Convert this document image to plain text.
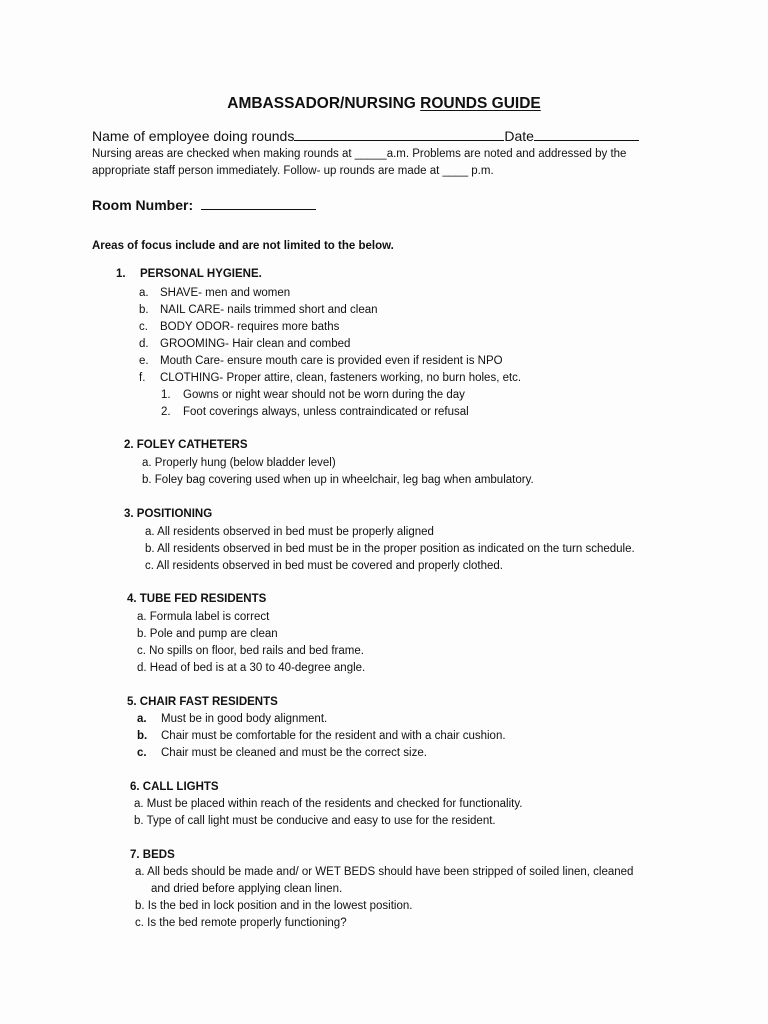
AMBASSADOR/NURSING ROUNDS GUIDE
Name of employee doing rounds	Date
Nursing areas are checked when making rounds at _____a.m. Problems are noted and addressed by the
appropriate staff person immediately. Follow- up rounds are made at ____ p.m.
Room Number:
Areas of focus include and are not limited to the below.
1. PERSONAL HYGIENE.
a. SHAVE- men and women
b. NAIL CARE- nails trimmed short and clean
c. BODY ODOR- requires more baths
d. GROOMING- Hair clean and combed
e. Mouth Care- ensure mouth care is provided even if resident is NPO
f. CLOTHING- Proper attire, clean, fasteners working, no burn holes, etc.
1. Gowns or night wear should not be worn during the day
2. Foot coverings always, unless contraindicated or refusal
2. FOLEY CATHETERS
a. Properly hung (below bladder level)
b. Foley bag covering used when up in wheelchair, leg bag when ambulatory.
3. POSITIONING
a. All residents observed in bed must be properly aligned
b. All residents observed in bed must be in the proper position as indicated on the turn schedule.
c. All residents observed in bed must be covered and properly clothed.
4. TUBE FED RESIDENTS
a. Formula label is correct
b. Pole and pump are clean
c. No spills on floor, bed rails and bed frame.
d. Head of bed is at a 30 to 40-degree angle.
5. CHAIR FAST RESIDENTS
a. Must be in good body alignment.
b. Chair must be comfortable for the resident and with a chair cushion.
c. Chair must be cleaned and must be the correct size.
6. CALL LIGHTS
a. Must be placed within reach of the residents and checked for functionality.
b. Type of call light must be conducive and easy to use for the resident.
7. BEDS
a. All beds should be made and/ or WET BEDS should have been stripped of soiled linen, cleaned
and dried before applying clean linen.
b. Is the bed in lock position and in the lowest position.
c. Is the bed remote properly functioning?
